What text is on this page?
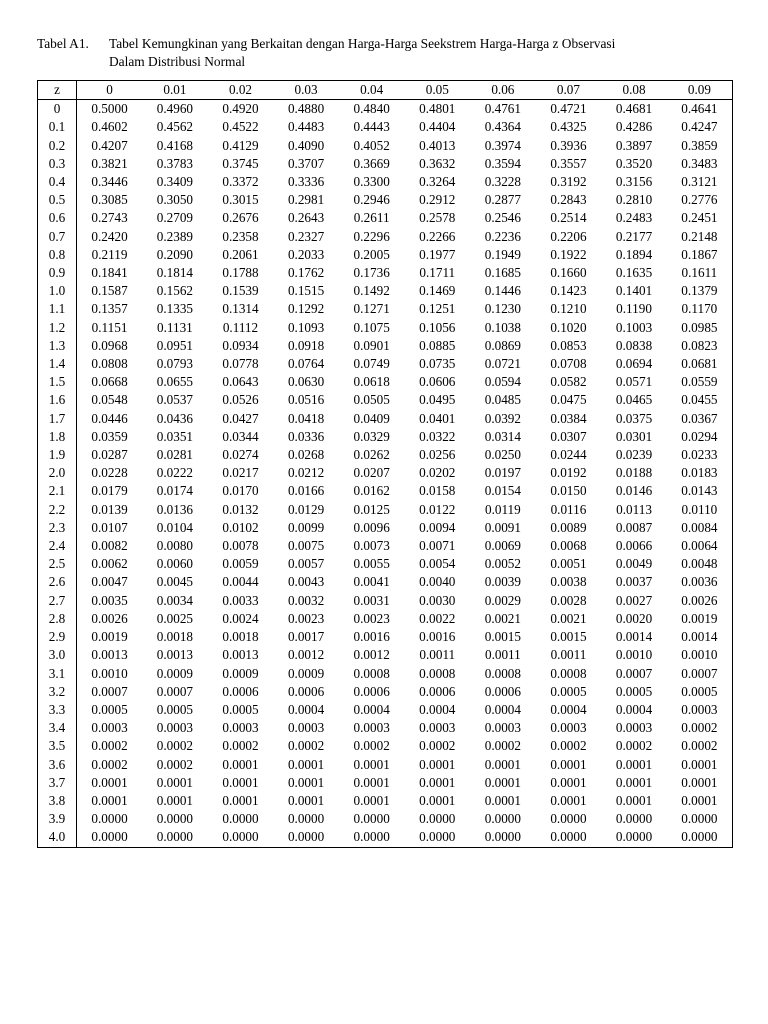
Tabel A1.	Tabel Kemungkinan yang Berkaitan dengan Harga-Harga Seekstrem Harga-Harga z Observasi
Dalam Distribusi Normal
z	0	0.01	0.02	0.03	0.04	0.05	0.06	0.07	0.08	0.09
0	0.5000	0.4960	0.4920	0.4880	0.4840	0.4801	0.4761	0.4721	0.4681	0.4641
0.1	0.4602	0.4562	0.4522	0.4483	0.4443	0.4404	0.4364	0.4325	0.4286	0.4247
0.2	0.4207	0.4168	0.4129	0.4090	0.4052	0.4013	0.3974	0.3936	0.3897	0.3859
0.3	0.3821	0.3783	0.3745	0.3707	0.3669	0.3632	0.3594	0.3557	0.3520	0.3483
0.4	0.3446	0.3409	0.3372	0.3336	0.3300	0.3264	0.3228	0.3192	0.3156	0.3121
0.5	0.3085	0.3050	0.3015	0.2981	0.2946	0.2912	0.2877	0.2843	0.2810	0.2776
0.6	0.2743	0.2709	0.2676	0.2643	0.2611	0.2578	0.2546	0.2514	0.2483	0.2451
0.7	0.2420	0.2389	0.2358	0.2327	0.2296	0.2266	0.2236	0.2206	0.2177	0.2148
0.8	0.2119	0.2090	0.2061	0.2033	0.2005	0.1977	0.1949	0.1922	0.1894	0.1867
0.9	0.1841	0.1814	0.1788	0.1762	0.1736	0.1711	0.1685	0.1660	0.1635	0.1611
1.0	0.1587	0.1562	0.1539	0.1515	0.1492	0.1469	0.1446	0.1423	0.1401	0.1379
1.1	0.1357	0.1335	0.1314	0.1292	0.1271	0.1251	0.1230	0.1210	0.1190	0.1170
1.2	0.1151	0.1131	0.1112	0.1093	0.1075	0.1056	0.1038	0.1020	0.1003	0.0985
1.3	0.0968	0.0951	0.0934	0.0918	0.0901	0.0885	0.0869	0.0853	0.0838	0.0823
1.4	0.0808	0.0793	0.0778	0.0764	0.0749	0.0735	0.0721	0.0708	0.0694	0.0681
1.5	0.0668	0.0655	0.0643	0.0630	0.0618	0.0606	0.0594	0.0582	0.0571	0.0559
1.6	0.0548	0.0537	0.0526	0.0516	0.0505	0.0495	0.0485	0.0475	0.0465	0.0455
1.7	0.0446	0.0436	0.0427	0.0418	0.0409	0.0401	0.0392	0.0384	0.0375	0.0367
1.8	0.0359	0.0351	0.0344	0.0336	0.0329	0.0322	0.0314	0.0307	0.0301	0.0294
1.9	0.0287	0.0281	0.0274	0.0268	0.0262	0.0256	0.0250	0.0244	0.0239	0.0233
2.0	0.0228	0.0222	0.0217	0.0212	0.0207	0.0202	0.0197	0.0192	0.0188	0.0183
2.1	0.0179	0.0174	0.0170	0.0166	0.0162	0.0158	0.0154	0.0150	0.0146	0.0143
2.2	0.0139	0.0136	0.0132	0.0129	0.0125	0.0122	0.0119	0.0116	0.0113	0.0110
2.3	0.0107	0.0104	0.0102	0.0099	0.0096	0.0094	0.0091	0.0089	0.0087	0.0084
2.4	0.0082	0.0080	0.0078	0.0075	0.0073	0.0071	0.0069	0.0068	0.0066	0.0064
2.5	0.0062	0.0060	0.0059	0.0057	0.0055	0.0054	0.0052	0.0051	0.0049	0.0048
2.6	0.0047	0.0045	0.0044	0.0043	0.0041	0.0040	0.0039	0.0038	0.0037	0.0036
2.7	0.0035	0.0034	0.0033	0.0032	0.0031	0.0030	0.0029	0.0028	0.0027	0.0026
2.8	0.0026	0.0025	0.0024	0.0023	0.0023	0.0022	0.0021	0.0021	0.0020	0.0019
2.9	0.0019	0.0018	0.0018	0.0017	0.0016	0.0016	0.0015	0.0015	0.0014	0.0014
3.0	0.0013	0.0013	0.0013	0.0012	0.0012	0.0011	0.0011	0.0011	0.0010	0.0010
3.1	0.0010	0.0009	0.0009	0.0009	0.0008	0.0008	0.0008	0.0008	0.0007	0.0007
3.2	0.0007	0.0007	0.0006	0.0006	0.0006	0.0006	0.0006	0.0005	0.0005	0.0005
3.3	0.0005	0.0005	0.0005	0.0004	0.0004	0.0004	0.0004	0.0004	0.0004	0.0003
3.4	0.0003	0.0003	0.0003	0.0003	0.0003	0.0003	0.0003	0.0003	0.0003	0.0002
3.5	0.0002	0.0002	0.0002	0.0002	0.0002	0.0002	0.0002	0.0002	0.0002	0.0002
3.6	0.0002	0.0002	0.0001	0.0001	0.0001	0.0001	0.0001	0.0001	0.0001	0.0001
3.7	0.0001	0.0001	0.0001	0.0001	0.0001	0.0001	0.0001	0.0001	0.0001	0.0001
3.8	0.0001	0.0001	0.0001	0.0001	0.0001	0.0001	0.0001	0.0001	0.0001	0.0001
3.9	0.0000	0.0000	0.0000	0.0000	0.0000	0.0000	0.0000	0.0000	0.0000	0.0000
4.0	0.0000	0.0000	0.0000	0.0000	0.0000	0.0000	0.0000	0.0000	0.0000	0.0000
